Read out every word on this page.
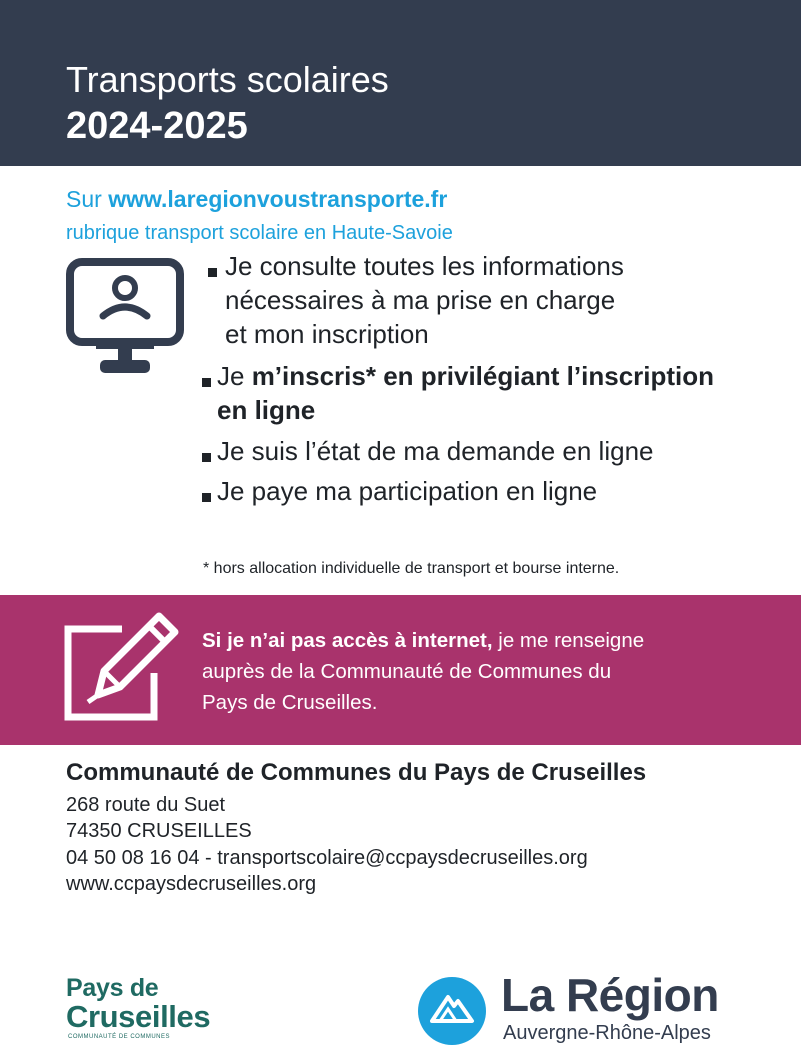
Transports scolaires
2024-2025
Sur www.laregionvoustransporte.fr
rubrique transport scolaire en Haute-Savoie
Je consulte toutes les informations
nécessaires à ma prise en charge
et mon inscription
Je m’inscris* en privilégiant l’inscription
en ligne
Je suis l’état de ma demande en ligne
Je paye ma participation en ligne
* hors allocation individuelle de transport et bourse interne.
Si je n’ai pas accès à internet, je me renseigne
auprès de la Communauté de Communes du
Pays de Cruseilles.
Communauté de Communes du Pays de Cruseilles
268 route du Suet
74350 CRUSEILLES
04 50 08 16 04 - transportscolaire@ccpaysdecruseilles.org
www.ccpaysdecruseilles.org
Pays de
Cruseilles
COMMUNAUTÉ DE COMMUNES
La Région
Auvergne-Rhône-Alpes
